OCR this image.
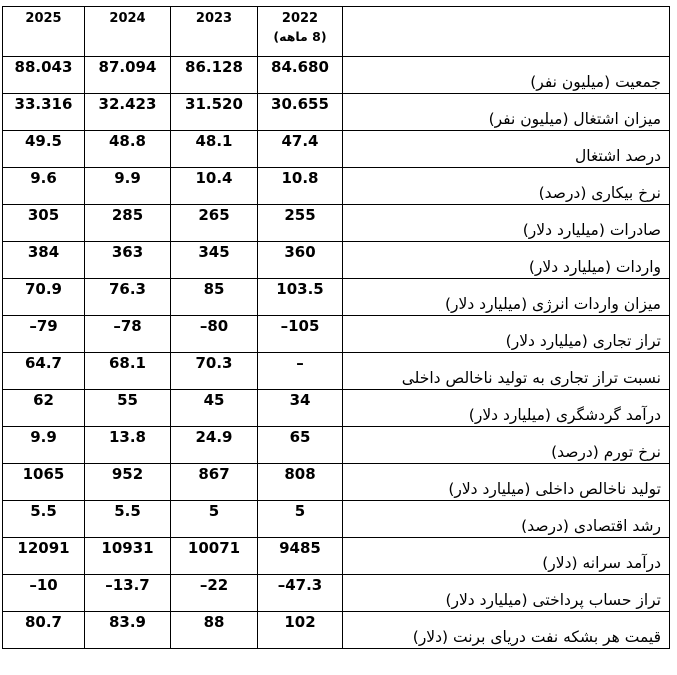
2025	2024	2023	2022
(8 ماهه)	

88.043	87.094	86.128	84.680	جمعیت (میلیون نفر)
33.316	32.423	31.520	30.655	میزان اشتغال (میلیون نفر)
49.5	48.8	48.1	47.4	درصد اشتغال
9.6	9.9	10.4	10.8	نرخ بیکاری (درصد)
305	285	265	255	صادرات (میلیارد دلار)
384	363	345	360	واردات (میلیارد دلار)
70.9	76.3	85	103.5	میزان واردات انرژی (میلیارد دلار)
–79	–78	–80	–105	تراز تجاری (میلیارد دلار)
64.7	68.1	70.3	–	نسبت تراز تجاری به تولید ناخالص داخلی
62	55	45	34	درآمد گردشگری (میلیارد دلار)
9.9	13.8	24.9	65	نرخ تورم (درصد)
1065	952	867	808	تولید ناخالص داخلی (میلیارد دلار)
5.5	5.5	5	5	رشد اقتصادی (درصد)
12091	10931	10071	9485	درآمد سرانه (دلار)
–10	–13.7	–22	–47.3	تراز حساب پرداختی (میلیارد دلار)
80.7	83.9	88	102	قیمت هر بشکه نفت دریای برنت (دلار)
